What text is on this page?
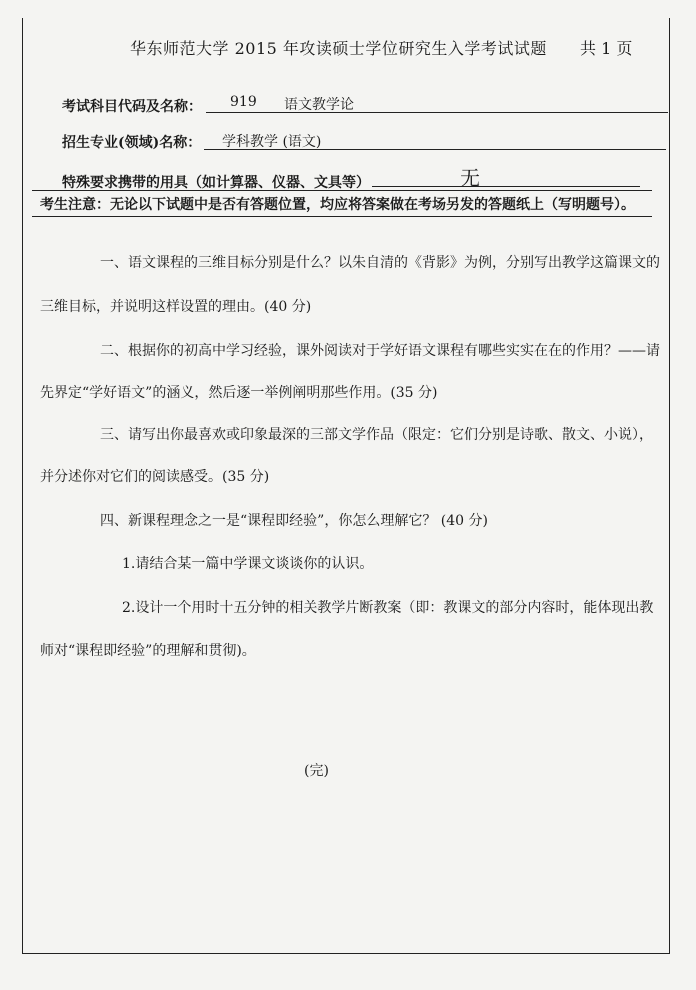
华东师范大学 2015 年攻读硕士学位研究生入学考试试题 共 1 页
考试科目代码及名称： 919 语文教学论
招生专业(领域)名称： 学科教学 (语文)
特殊要求携带的用具（如计算器、仪器、文具等）	无
考生注意：无论以下试题中是否有答题位置，均应将答案做在考场另发的答题纸上（写明题号）。
一、语文课程的三维目标分别是什么？以朱自清的《背影》为例，分别写出教学这篇课文的
三维目标，并说明这样设置的理由。(40 分)
二、根据你的初高中学习经验，课外阅读对于学好语文课程有哪些实实在在的作用？——请
先界定“学好语文”的涵义，然后逐一举例阐明那些作用。(35 分)
三、请写出你最喜欢或印象最深的三部文学作品（限定：它们分别是诗歌、散文、小说），
并分述你对它们的阅读感受。(35 分)
四、新课程理念之一是“课程即经验”，你怎么理解它？ (40 分)
1.请结合某一篇中学课文谈谈你的认识。
2.设计一个用时十五分钟的相关教学片断教案（即：教课文的部分内容时，能体现出教
师对“课程即经验”的理解和贯彻)。
(完)
